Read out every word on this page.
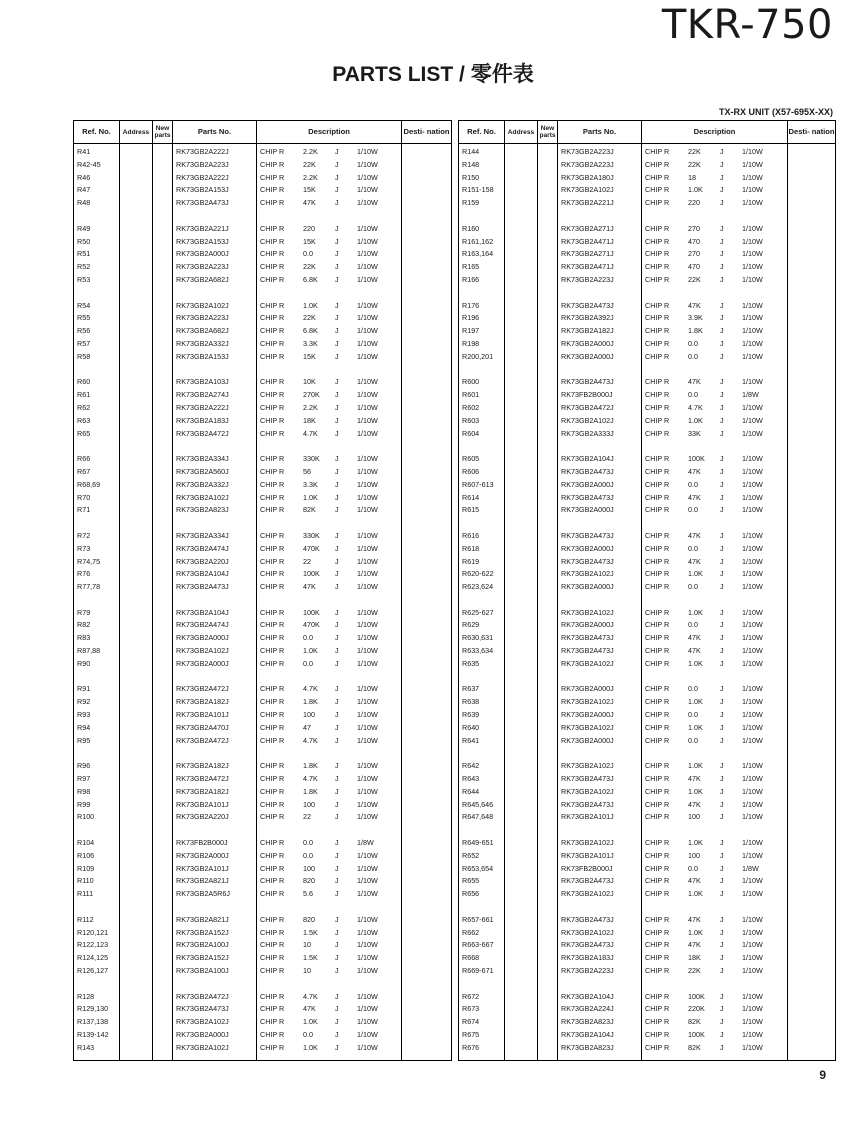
TKR-750
PARTS LIST / 零件表
TX-RX UNIT (X57-695X-XX)
Ref. No.	Address	New parts	Parts No.	Description	Desti- nation
R41			RK73GB2A222J	CHIP R 2.2K J 1/10W	

R42-45			RK73GB2A223J	CHIP R 22K J 1/10W	

R46			RK73GB2A222J	CHIP R 2.2K J 1/10W	

R47			RK73GB2A153J	CHIP R 15K J 1/10W	

R48			RK73GB2A473J	CHIP R 47K J 1/10W	

R49			RK73GB2A221J	CHIP R 220 J 1/10W	

R50			RK73GB2A153J	CHIP R 15K J 1/10W	

R51			RK73GB2A000J	CHIP R 0.0 J 1/10W	

R52			RK73GB2A223J	CHIP R 22K J 1/10W	

R53			RK73GB2A682J	CHIP R 6.8K J 1/10W	

R54			RK73GB2A102J	CHIP R 1.0K J 1/10W	

R55			RK73GB2A223J	CHIP R 22K J 1/10W	

R56			RK73GB2A682J	CHIP R 6.8K J 1/10W	

R57			RK73GB2A332J	CHIP R 3.3K J 1/10W	

R58			RK73GB2A153J	CHIP R 15K J 1/10W	

R60			RK73GB2A103J	CHIP R 10K J 1/10W	

R61			RK73GB2A274J	CHIP R 270K J 1/10W	

R62			RK73GB2A222J	CHIP R 2.2K J 1/10W	

R63			RK73GB2A183J	CHIP R 18K J 1/10W	

R65			RK73GB2A472J	CHIP R 4.7K J 1/10W	

R66			RK73GB2A334J	CHIP R 330K J 1/10W	

R67			RK73GB2A560J	CHIP R 56 J 1/10W	

R68,69			RK73GB2A332J	CHIP R 3.3K J 1/10W	

R70			RK73GB2A102J	CHIP R 1.0K J 1/10W	

R71			RK73GB2A823J	CHIP R 82K J 1/10W	

R72			RK73GB2A334J	CHIP R 330K J 1/10W	

R73			RK73GB2A474J	CHIP R 470K J 1/10W	

R74,75			RK73GB2A220J	CHIP R 22 J 1/10W	

R76			RK73GB2A104J	CHIP R 100K J 1/10W	

R77,78			RK73GB2A473J	CHIP R 47K J 1/10W	

R79			RK73GB2A104J	CHIP R 100K J 1/10W	

R82			RK73GB2A474J	CHIP R 470K J 1/10W	

R83			RK73GB2A000J	CHIP R 0.0 J 1/10W	

R87,88			RK73GB2A102J	CHIP R 1.0K J 1/10W	

R90			RK73GB2A000J	CHIP R 0.0 J 1/10W	

R91			RK73GB2A472J	CHIP R 4.7K J 1/10W	

R92			RK73GB2A182J	CHIP R 1.8K J 1/10W	

R93			RK73GB2A101J	CHIP R 100 J 1/10W	

R94			RK73GB2A470J	CHIP R 47 J 1/10W	

R95			RK73GB2A472J	CHIP R 4.7K J 1/10W	

R96			RK73GB2A182J	CHIP R 1.8K J 1/10W	

R97			RK73GB2A472J	CHIP R 4.7K J 1/10W	

R98			RK73GB2A182J	CHIP R 1.8K J 1/10W	

R99			RK73GB2A101J	CHIP R 100 J 1/10W	

R100			RK73GB2A220J	CHIP R 22 J 1/10W	

R104			RK73FB2B000J	CHIP R 0.0 J 1/8W	

R106			RK73GB2A000J	CHIP R 0.0 J 1/10W	

R109			RK73GB2A101J	CHIP R 100 J 1/10W	

R110			RK73GB2A821J	CHIP R 820 J 1/10W	

R111			RK73GB2A5R6J	CHIP R 5.6 J 1/10W	

R112			RK73GB2A821J	CHIP R 820 J 1/10W	

R120,121			RK73GB2A152J	CHIP R 1.5K J 1/10W	

R122,123			RK73GB2A100J	CHIP R 10 J 1/10W	

R124,125			RK73GB2A152J	CHIP R 1.5K J 1/10W	

R126,127			RK73GB2A100J	CHIP R 10 J 1/10W	

R128			RK73GB2A472J	CHIP R 4.7K J 1/10W	

R129,130			RK73GB2A473J	CHIP R 47K J 1/10W	

R137,138			RK73GB2A102J	CHIP R 1.0K J 1/10W	

R139-142			RK73GB2A000J	CHIP R 0.0 J 1/10W	

R143			RK73GB2A102J	CHIP R 1.0K J 1/10W	

Ref. No.	Address	New parts	Parts No.	Description	Desti- nation
R144			RK73GB2A223J	CHIP R 22K J 1/10W	

R148			RK73GB2A223J	CHIP R 22K J 1/10W	

R150			RK73GB2A180J	CHIP R 18 J 1/10W	

R151-158			RK73GB2A102J	CHIP R 1.0K J 1/10W	

R159			RK73GB2A221J	CHIP R 220 J 1/10W	

R160			RK73GB2A271J	CHIP R 270 J 1/10W	

R161,162			RK73GB2A471J	CHIP R 470 J 1/10W	

R163,164			RK73GB2A271J	CHIP R 270 J 1/10W	

R165			RK73GB2A471J	CHIP R 470 J 1/10W	

R166			RK73GB2A223J	CHIP R 22K J 1/10W	

R176			RK73GB2A473J	CHIP R 47K J 1/10W	

R196			RK73GB2A392J	CHIP R 3.9K J 1/10W	

R197			RK73GB2A182J	CHIP R 1.8K J 1/10W	

R198			RK73GB2A000J	CHIP R 0.0 J 1/10W	

R200,201			RK73GB2A000J	CHIP R 0.0 J 1/10W	

R600			RK73GB2A473J	CHIP R 47K J 1/10W	

R601			RK73FB2B000J	CHIP R 0.0 J 1/8W	

R602			RK73GB2A472J	CHIP R 4.7K J 1/10W	

R603			RK73GB2A102J	CHIP R 1.0K J 1/10W	

R604			RK73GB2A333J	CHIP R 33K J 1/10W	

R605			RK73GB2A104J	CHIP R 100K J 1/10W	

R606			RK73GB2A473J	CHIP R 47K J 1/10W	

R607-613			RK73GB2A000J	CHIP R 0.0 J 1/10W	

R614			RK73GB2A473J	CHIP R 47K J 1/10W	

R615			RK73GB2A000J	CHIP R 0.0 J 1/10W	

R616			RK73GB2A473J	CHIP R 47K J 1/10W	

R618			RK73GB2A000J	CHIP R 0.0 J 1/10W	

R619			RK73GB2A473J	CHIP R 47K J 1/10W	

R620-622			RK73GB2A102J	CHIP R 1.0K J 1/10W	

R623,624			RK73GB2A000J	CHIP R 0.0 J 1/10W	

R625-627			RK73GB2A102J	CHIP R 1.0K J 1/10W	

R629			RK73GB2A000J	CHIP R 0.0 J 1/10W	

R630,631			RK73GB2A473J	CHIP R 47K J 1/10W	

R633,634			RK73GB2A473J	CHIP R 47K J 1/10W	

R635			RK73GB2A102J	CHIP R 1.0K J 1/10W	

R637			RK73GB2A000J	CHIP R 0.0 J 1/10W	

R638			RK73GB2A102J	CHIP R 1.0K J 1/10W	

R639			RK73GB2A000J	CHIP R 0.0 J 1/10W	

R640			RK73GB2A102J	CHIP R 1.0K J 1/10W	

R641			RK73GB2A000J	CHIP R 0.0 J 1/10W	

R642			RK73GB2A102J	CHIP R 1.0K J 1/10W	

R643			RK73GB2A473J	CHIP R 47K J 1/10W	

R644			RK73GB2A102J	CHIP R 1.0K J 1/10W	

R645,646			RK73GB2A473J	CHIP R 47K J 1/10W	

R647,648			RK73GB2A101J	CHIP R 100 J 1/10W	

R649-651			RK73GB2A102J	CHIP R 1.0K J 1/10W	

R652			RK73GB2A101J	CHIP R 100 J 1/10W	

R653,654			RK73FB2B000J	CHIP R 0.0 J 1/8W	

R655			RK73GB2A473J	CHIP R 47K J 1/10W	

R656			RK73GB2A102J	CHIP R 1.0K J 1/10W	

R657-661			RK73GB2A473J	CHIP R 47K J 1/10W	

R662			RK73GB2A102J	CHIP R 1.0K J 1/10W	

R663-667			RK73GB2A473J	CHIP R 47K J 1/10W	

R668			RK73GB2A183J	CHIP R 18K J 1/10W	

R669-671			RK73GB2A223J	CHIP R 22K J 1/10W	

R672			RK73GB2A104J	CHIP R 100K J 1/10W	

R673			RK73GB2A224J	CHIP R 220K J 1/10W	

R674			RK73GB2A823J	CHIP R 82K J 1/10W	

R675			RK73GB2A104J	CHIP R 100K J 1/10W	

R676			RK73GB2A823J	CHIP R 82K J 1/10W	

9
